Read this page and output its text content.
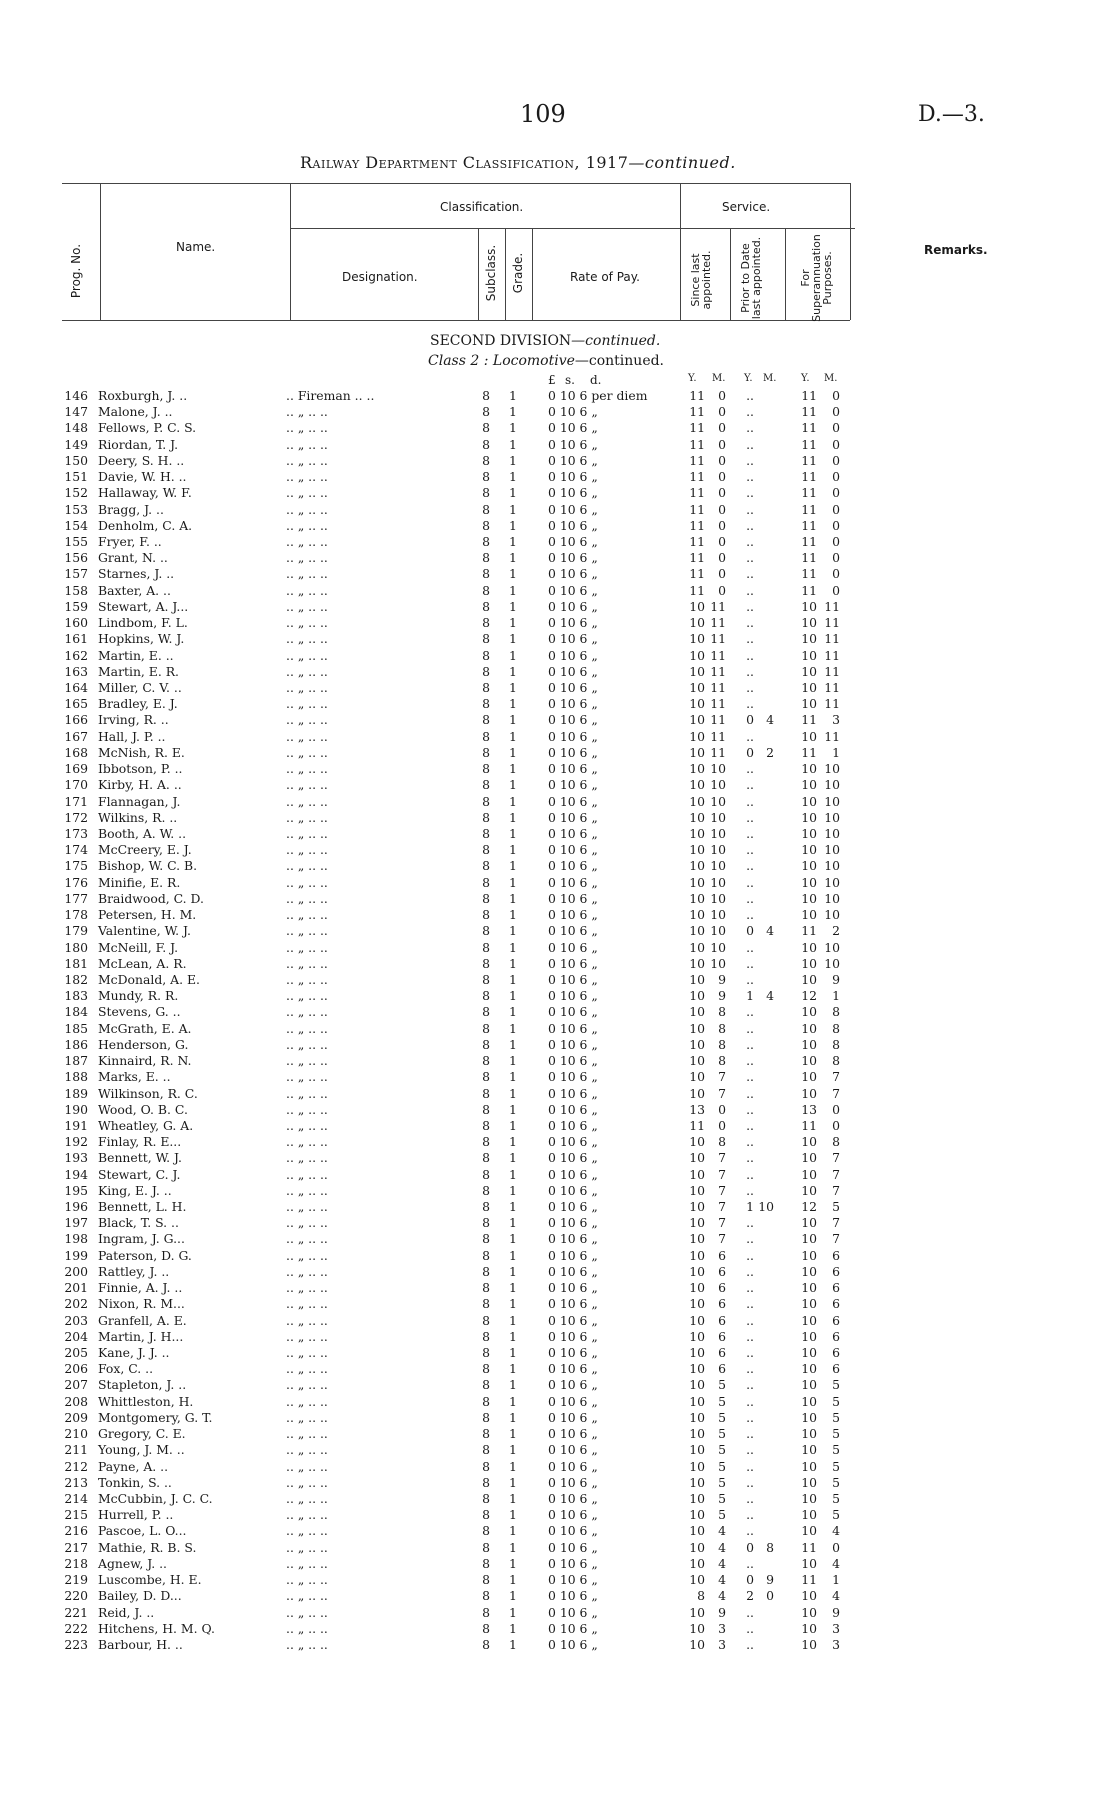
109	D.—3.
Railway Department Classification, 1917—continued.
Prog. No.	Name.
Classification.	Service.
Designation.	Subclass. Grade.	Rate of Pay.	Since last appointed. Prior to Date last appointed.	For Superannuation Purposes.
Remarks.
SECOND DIVISION—continued.
Class 2 : Locomotive—continued.
£ s. d.	Y. M. Y. M. Y. M.
146 Roxburgh, J. ..	.. Fireman .. ..	8 1	0 10 6 per diem	11	0	..	11	0
147 Malone, J. ..	.. „ .. ..	8 1	0 10 6 „	11	0	..	11	0
148 Fellows, P. C. S.	.. „ .. ..	8 1	0 10 6 „	11	0	..	11	0
149 Riordan, T. J.	.. „ .. ..	8 1	0 10 6 „	11	0	..	11	0
150 Deery, S. H. ..	.. „ .. ..	8 1	0 10 6 „	11	0	..	11	0
151 Davie, W. H. ..	.. „ .. ..	8 1	0 10 6 „	11	0	..	11	0
152 Hallaway, W. F.	.. „ .. ..	8 1	0 10 6 „	11	0	..	11	0
153 Bragg, J. ..	.. „ .. ..	8 1	0 10 6 „	11	0	..	11	0
154 Denholm, C. A.	.. „ .. ..	8 1	0 10 6 „	11	0	..	11	0
155 Fryer, F. ..	.. „ .. ..	8 1	0 10 6 „	11	0	..	11	0
156 Grant, N. ..	.. „ .. ..	8 1	0 10 6 „	11	0	..	11	0
157 Starnes, J. ..	.. „ .. ..	8 1	0 10 6 „	11	0	..	11	0
158 Baxter, A. ..	.. „ .. ..	8 1	0 10 6 „	11	0	..	11	0
159 Stewart, A. J...	.. „ .. ..	8 1	0 10 6 „	10 11	..	10 11
160 Lindbom, F. L.	.. „ .. ..	8 1	0 10 6 „	10 11	..	10 11
161 Hopkins, W. J.	.. „ .. ..	8 1	0 10 6 „	10 11	..	10 11
162 Martin, E. ..	.. „ .. ..	8 1	0 10 6 „	10 11	..	10 11
163 Martin, E. R.	.. „ .. ..	8 1	0 10 6 „	10 11	..	10 11
164 Miller, C. V. ..	.. „ .. ..	8 1	0 10 6 „	10 11	..	10 11
165 Bradley, E. J.	.. „ .. ..	8 1	0 10 6 „	10 11	..	10 11
166 Irving, R. ..	.. „ .. ..	8 1	0 10 6 „	10 11	0 4	11	3
167 Hall, J. P. ..	.. „ .. ..	8 1	0 10 6 „	10 11	..	10 11
168 McNish, R. E.	.. „ .. ..	8 1	0 10 6 „	10 11	0 2	11	1
169 Ibbotson, P. ..	.. „ .. ..	8 1	0 10 6 „	10 10	..	10 10
170 Kirby, H. A. ..	.. „ .. ..	8 1	0 10 6 „	10 10	..	10 10
171 Flannagan, J.	.. „ .. ..	8 1	0 10 6 „	10 10	..	10 10
172 Wilkins, R. ..	.. „ .. ..	8 1	0 10 6 „	10 10	..	10 10
173 Booth, A. W. ..	.. „ .. ..	8 1	0 10 6 „	10 10	..	10 10
174 McCreery, E. J.	.. „ .. ..	8 1	0 10 6 „	10 10	..	10 10
175 Bishop, W. C. B.	.. „ .. ..	8 1	0 10 6 „	10 10	..	10 10
176 Minifie, E. R.	.. „ .. ..	8 1	0 10 6 „	10 10	..	10 10
177 Braidwood, C. D.	.. „ .. ..	8 1	0 10 6 „	10 10	..	10 10
178 Petersen, H. M.	.. „ .. ..	8 1	0 10 6 „	10 10	..	10 10
179 Valentine, W. J.	.. „ .. ..	8 1	0 10 6 „	10 10	0 4	11	2
180 McNeill, F. J.	.. „ .. ..	8 1	0 10 6 „	10 10	..	10 10
181 McLean, A. R.	.. „ .. ..	8 1	0 10 6 „	10 10	..	10 10
182 McDonald, A. E.	.. „ .. ..	8 1	0 10 6 „	10	9	..	10	9
183 Mundy, R. R.	.. „ .. ..	8 1	0 10 6 „	10	9	1 4	12	1
184 Stevens, G. ..	.. „ .. ..	8 1	0 10 6 „	10	8	..	10	8
185 McGrath, E. A.	.. „ .. ..	8 1	0 10 6 „	10	8	..	10	8
186 Henderson, G.	.. „ .. ..	8 1	0 10 6 „	10	8	..	10	8
187 Kinnaird, R. N.	.. „ .. ..	8 1	0 10 6 „	10	8	..	10	8
188 Marks, E. ..	.. „ .. ..	8 1	0 10 6 „	10	7	..	10	7
189 Wilkinson, R. C.	.. „ .. ..	8 1	0 10 6 „	10	7	..	10	7
190 Wood, O. B. C.	.. „ .. ..	8 1	0 10 6 „	13	0	..	13	0
191 Wheatley, G. A.	.. „ .. ..	8 1	0 10 6 „	11	0	..	11	0
192 Finlay, R. E...	.. „ .. ..	8 1	0 10 6 „	10	8	..	10	8
193 Bennett, W. J.	.. „ .. ..	8 1	0 10 6 „	10	7	..	10	7
194 Stewart, C. J.	.. „ .. ..	8 1	0 10 6 „	10	7	..	10	7
195 King, E. J. ..	.. „ .. ..	8 1	0 10 6 „	10	7	..	10	7
196 Bennett, L. H.	.. „ .. ..	8 1	0 10 6 „	10	7	1 10	12	5
197 Black, T. S. ..	.. „ .. ..	8 1	0 10 6 „	10	7	..	10	7
198 Ingram, J. G...	.. „ .. ..	8 1	0 10 6 „	10	7	..	10	7
199 Paterson, D. G.	.. „ .. ..	8 1	0 10 6 „	10	6	..	10	6
200 Rattley, J. ..	.. „ .. ..	8 1	0 10 6 „	10	6	..	10	6
201 Finnie, A. J. ..	.. „ .. ..	8 1	0 10 6 „	10	6	..	10	6
202 Nixon, R. M...	.. „ .. ..	8 1	0 10 6 „	10	6	..	10	6
203 Granfell, A. E.	.. „ .. ..	8 1	0 10 6 „	10	6	..	10	6
204 Martin, J. H...	.. „ .. ..	8 1	0 10 6 „	10	6	..	10	6
205 Kane, J. J. ..	.. „ .. ..	8 1	0 10 6 „	10	6	..	10	6
206 Fox, C. ..	.. „ .. ..	8 1	0 10 6 „	10	6	..	10	6
207 Stapleton, J. ..	.. „ .. ..	8 1	0 10 6 „	10	5	..	10	5
208 Whittleston, H.	.. „ .. ..	8 1	0 10 6 „	10	5	..	10	5
209 Montgomery, G. T.	.. „ .. ..	8 1	0 10 6 „	10	5	..	10	5
210 Gregory, C. E.	.. „ .. ..	8 1	0 10 6 „	10	5	..	10	5
211 Young, J. M. ..	.. „ .. ..	8 1	0 10 6 „	10	5	..	10	5
212 Payne, A. ..	.. „ .. ..	8 1	0 10 6 „	10	5	..	10	5
213 Tonkin, S. ..	.. „ .. ..	8 1	0 10 6 „	10	5	..	10	5
214 McCubbin, J. C. C.	.. „ .. ..	8 1	0 10 6 „	10	5	..	10	5
215 Hurrell, P. ..	.. „ .. ..	8 1	0 10 6 „	10	5	..	10	5
216 Pascoe, L. O...	.. „ .. ..	8 1	0 10 6 „	10	4	..	10	4
217 Mathie, R. B. S.	.. „ .. ..	8 1	0 10 6 „	10	4	0 8	11	0
218 Agnew, J. ..	.. „ .. ..	8 1	0 10 6 „	10	4	..	10	4
219 Luscombe, H. E.	.. „ .. ..	8 1	0 10 6 „	10	4	0 9	11	1
220 Bailey, D. D...	.. „ .. ..	8 1	0 10 6 „	8	4	2 0	10	4
221 Reid, J. ..	.. „ .. ..	8 1	0 10 6 „	10	9	..	10	9
222 Hitchens, H. M. Q.	.. „ .. ..	8 1	0 10 6 „	10	3	..	10	3
223 Barbour, H. ..	.. „ .. ..	8 1	0 10 6 „	10	3	..	10	3
